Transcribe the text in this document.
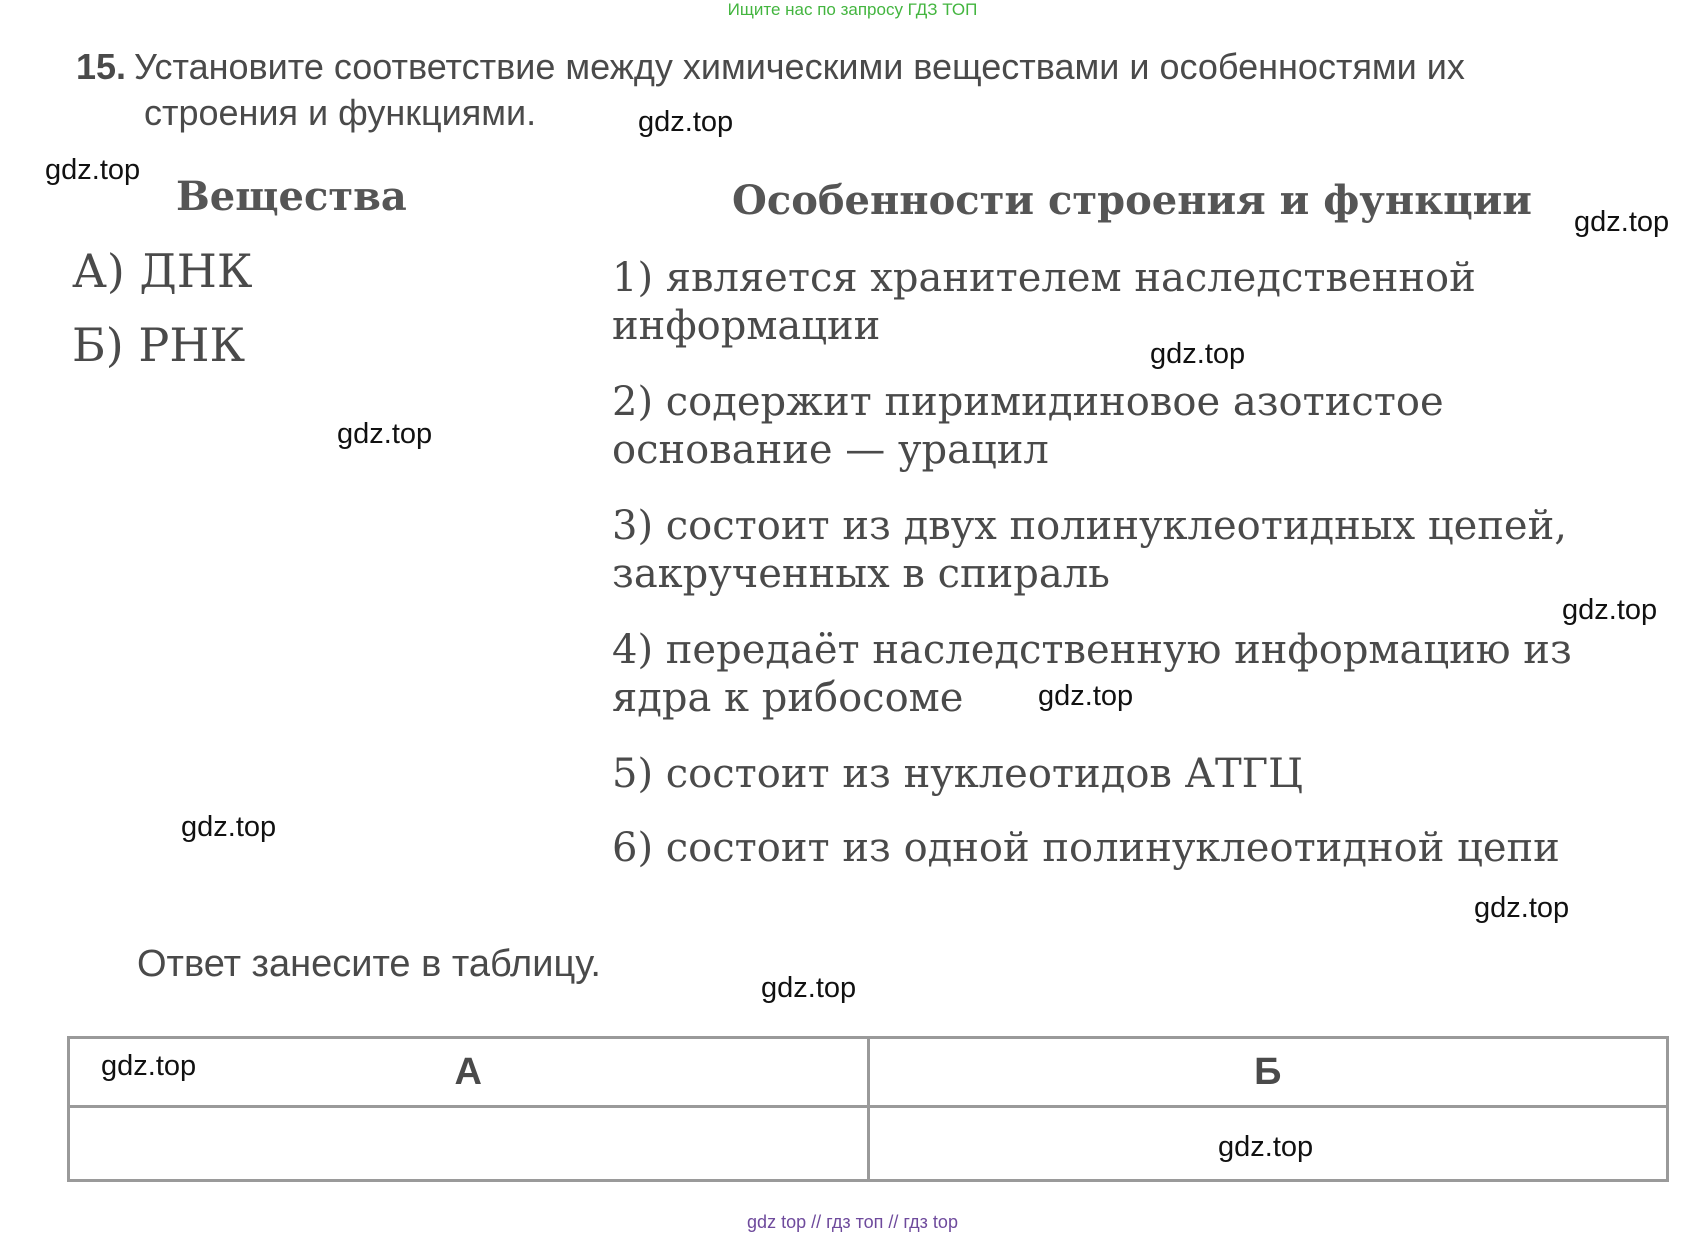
Ищите нас по запросу ГДЗ ТОП
15. Установите соответствие между химическими веществами и особенностями их
строения и функциями.
Вещества	Особенности строения и функции
А) ДНК
Б) РНК
1) является хранителем наследственной информации
2) содержит пиримидиновое азотистое основание — урацил
3) состоит из двух полинуклеотидных цепей, закрученных в спираль
4) передаёт наследственную информацию из ядра к рибосоме
5) состоит из нуклеотидов АТГЦ
6) состоит из одной полинуклеотидной цепи
Ответ занесите в таблицу.
А	Б

gdz.top
gdz.top
gdz.top
gdz.top
gdz.top
gdz.top
gdz.top
gdz.top
gdz.top
gdz.top
gdz.top
gdz.top
gdz top // гдз топ // гдз top
